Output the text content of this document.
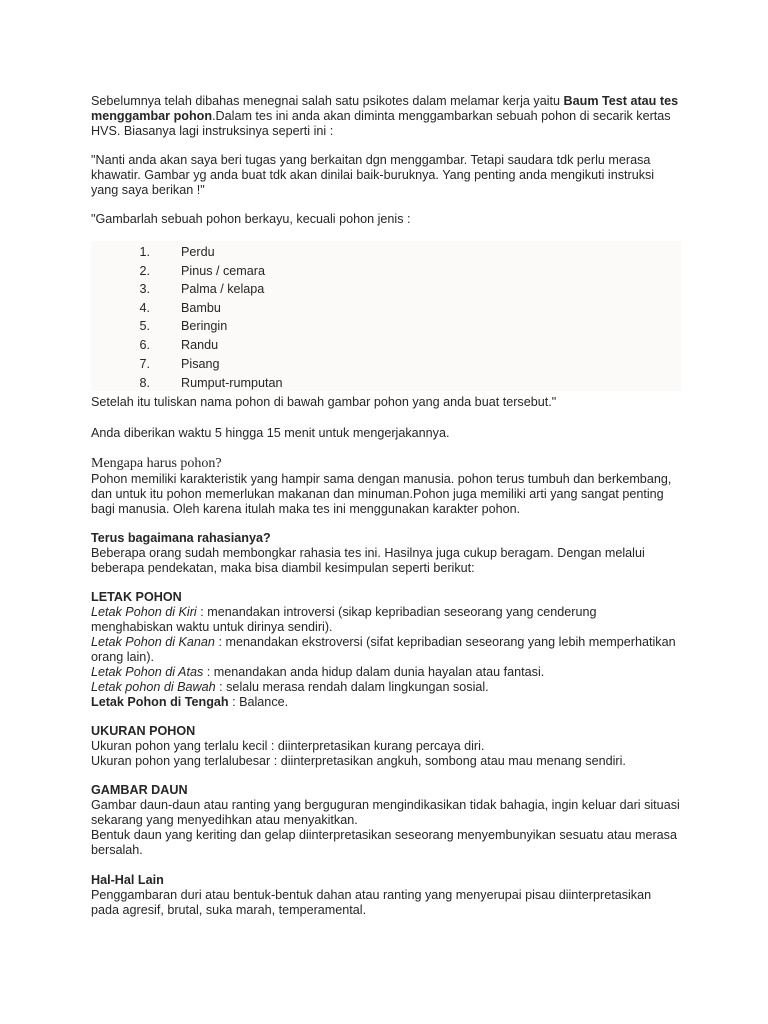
Sebelumnya telah dibahas menegnai salah satu psikotes dalam melamar kerja yaitu Baum Test atau tes
menggambar pohon.Dalam tes ini anda akan diminta menggambarkan sebuah pohon di secarik kertas
HVS. Biasanya lagi instruksinya seperti ini :
"Nanti anda akan saya beri tugas yang berkaitan dgn menggambar. Tetapi saudara tdk perlu merasa
khawatir. Gambar yg anda buat tdk akan dinilai baik-buruknya. Yang penting anda mengikuti instruksi
yang saya berikan !"
"Gambarlah sebuah pohon berkayu, kecuali pohon jenis :
1. Perdu
2. Pinus / cemara
3. Palma / kelapa
4. Bambu
5. Beringin
6. Randu
7. Pisang
8. Rumput-rumputan
Setelah itu tuliskan nama pohon di bawah gambar pohon yang anda buat tersebut."
Anda diberikan waktu 5 hingga 15 menit untuk mengerjakannya.
Mengapa harus pohon?
Pohon memiliki karakteristik yang hampir sama dengan manusia. pohon terus tumbuh dan berkembang,
dan untuk itu pohon memerlukan makanan dan minuman.Pohon juga memiliki arti yang sangat penting
bagi manusia. Oleh karena itulah maka tes ini menggunakan karakter pohon.
Terus bagaimana rahasianya?
Beberapa orang sudah membongkar rahasia tes ini. Hasilnya juga cukup beragam. Dengan melalui
beberapa pendekatan, maka bisa diambil kesimpulan seperti berikut:
LETAK POHON
Letak Pohon di Kiri : menandakan introversi (sikap kepribadian seseorang yang cenderung
menghabiskan waktu untuk dirinya sendiri).
Letak Pohon di Kanan : menandakan ekstroversi (sifat kepribadian seseorang yang lebih memperhatikan
orang lain).
Letak Pohon di Atas : menandakan anda hidup dalam dunia hayalan atau fantasi.
Letak pohon di Bawah : selalu merasa rendah dalam lingkungan sosial.
Letak Pohon di Tengah : Balance.
UKURAN POHON
Ukuran pohon yang terlalu kecil : diinterpretasikan kurang percaya diri.
Ukuran pohon yang terlalubesar : diinterpretasikan angkuh, sombong atau mau menang sendiri.
GAMBAR DAUN
Gambar daun-daun atau ranting yang berguguran mengindikasikan tidak bahagia, ingin keluar dari situasi
sekarang yang menyedihkan atau menyakitkan.
Bentuk daun yang keriting dan gelap diinterpretasikan seseorang menyembunyikan sesuatu atau merasa
bersalah.
Hal-Hal Lain
Penggambaran duri atau bentuk-bentuk dahan atau ranting yang menyerupai pisau diinterpretasikan
pada agresif, brutal, suka marah, temperamental.
